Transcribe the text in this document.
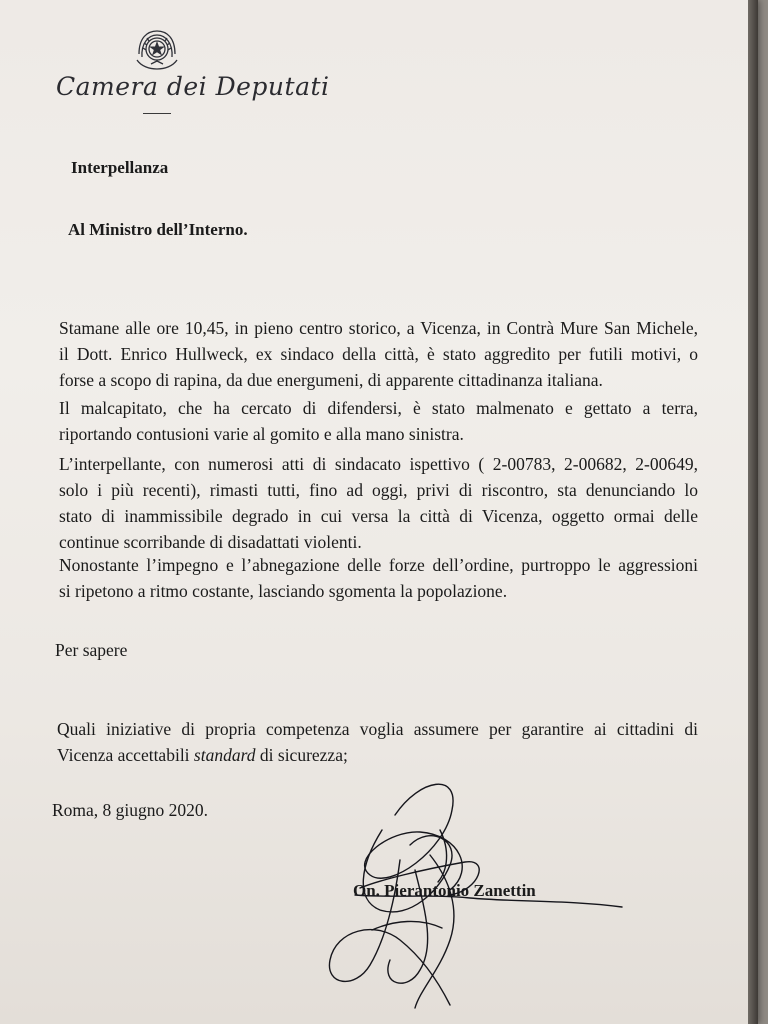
Camera dei Deputati
Interpellanza
Al Ministro dell’Interno.
Stamane alle ore 10,45, in pieno centro storico, a Vicenza, in Contrà Mure San Michele,
il Dott. Enrico Hullweck, ex sindaco della città, è stato aggredito per futili motivi, o
forse a scopo di rapina, da due energumeni, di apparente cittadinanza italiana.
Il malcapitato, che ha cercato di difendersi, è stato malmenato e gettato a terra,
riportando contusioni varie al gomito e alla mano sinistra.
L’interpellante, con numerosi atti di sindacato ispettivo ( 2-00783, 2-00682, 2-00649,
solo i più recenti), rimasti tutti, fino ad oggi, privi di riscontro, sta denunciando lo
stato di inammissibile degrado in cui versa la città di Vicenza, oggetto ormai delle
continue scorribande di disadattati violenti.
Nonostante l’impegno e l’abnegazione delle forze dell’ordine, purtroppo le aggressioni
si ripetono a ritmo costante, lasciando sgomenta la popolazione.
Per sapere
Quali iniziative di propria competenza voglia assumere per garantire ai cittadini di
Vicenza accettabili standard di sicurezza;
Roma, 8 giugno 2020.
On. Pierantonio Zanettin
